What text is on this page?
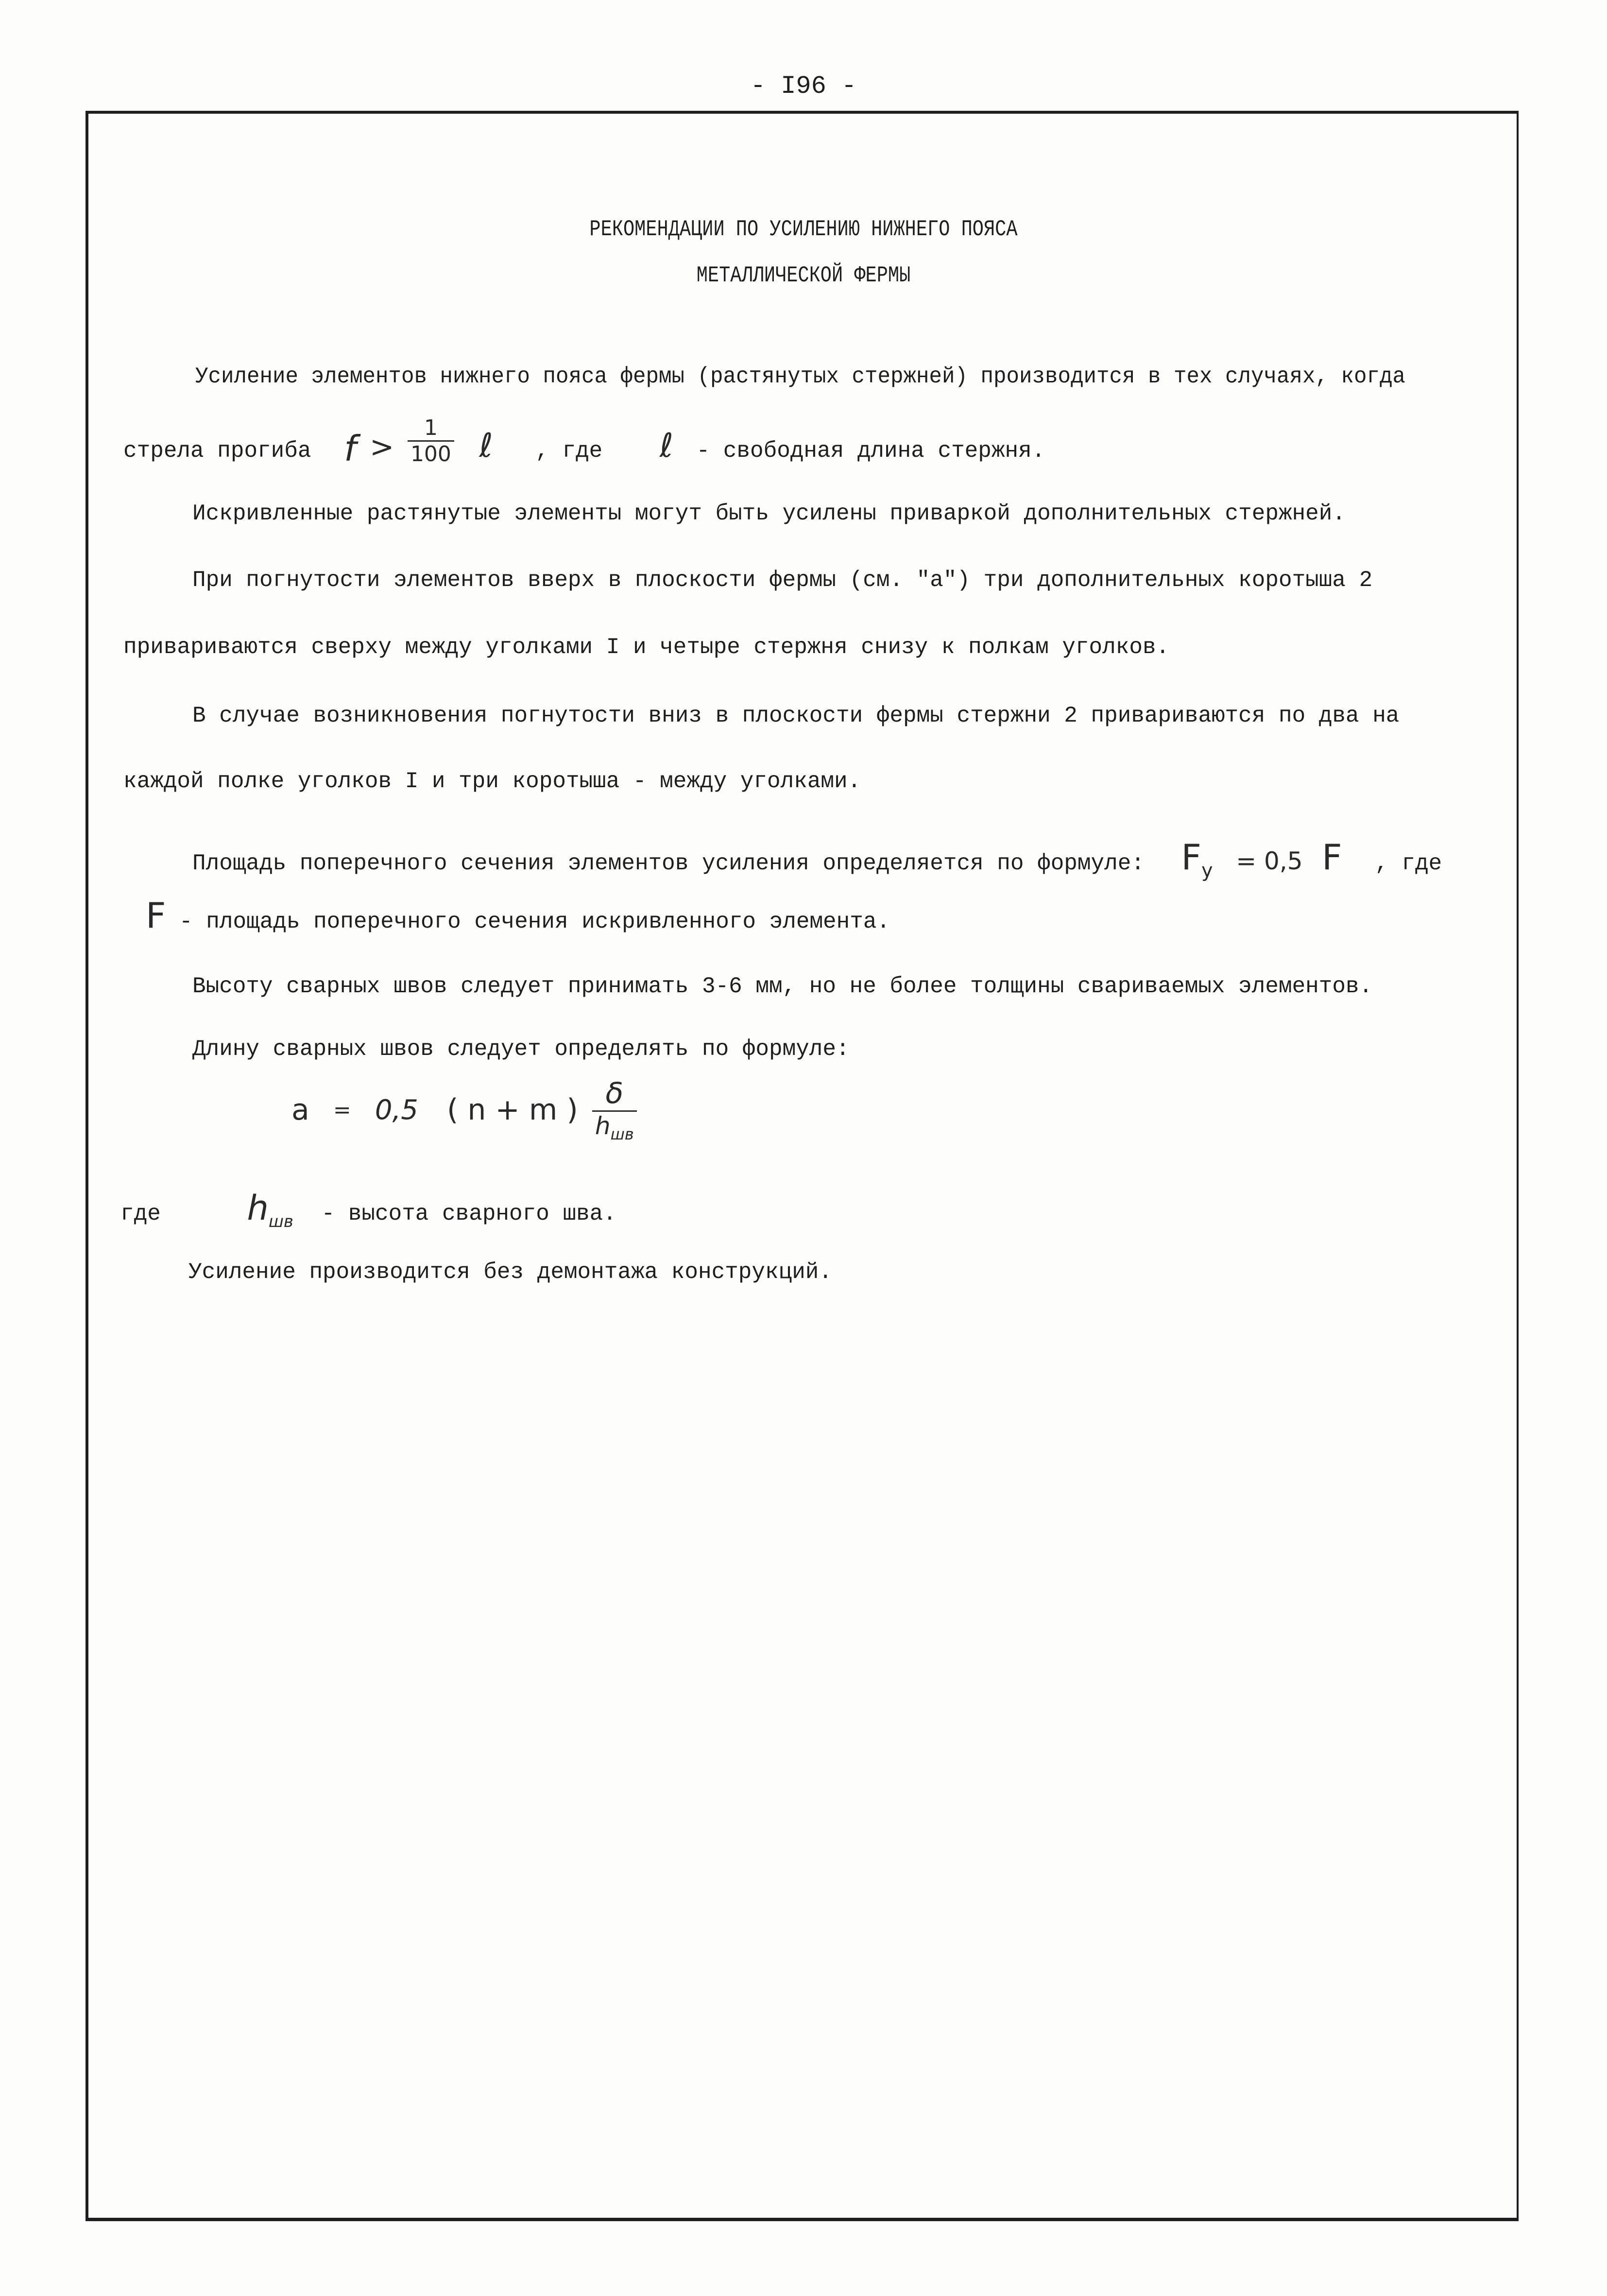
- I96 -
РЕКОМЕНДАЦИИ ПО УСИЛЕНИЮ НИЖНЕГО ПОЯСА
МЕТАЛЛИЧЕСКОЙ ФЕРМЫ
Усиление элементов нижнего пояса фермы (растянутых стержней) производится в тех случаях, когда
стрела прогиба $f > \frac{1}{100}$ ℓ , где ℓ - свободная длина стержня.
Искривленные растянутые элементы могут быть усилены приваркой дополнительных стержней.
При погнутости элементов вверх в плоскости фермы (см. "а") три дополнительных коротыша 2
привариваются сверху между уголками I и четыре стержня снизу к полкам уголков.
В случае возникновения погнутости вниз в плоскости фермы стержни 2 привариваются по два на
каждой полке уголков I и три коротыша - между уголками.
Площадь поперечного сечения элементов усиления определяется по формуле: $F_у = 0,5$ F , где
F - площадь поперечного сечения искривленного элемента.
Высоту сварных швов следует принимать 3-6 мм, но не более толщины свариваемых элементов.
Длину сварных швов следует определять по формуле:
a = 0,5 ( n + m ) $\frac{\delta}{h_{шв}}$
где	$h_{шв}$ - высота сварного шва.
Усиление производится без демонтажа конструкций.
